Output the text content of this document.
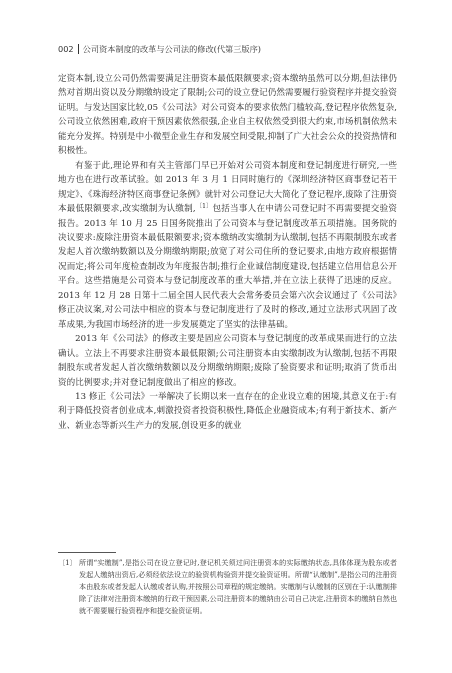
002 公司资本制度的改革与公司法的修改(代第三版序)

定资本制,设立公司仍然需要满足注册资本最低限额要求;资本缴纳虽然可以分期,但法律仍然对首期出资以及分期缴纳设定了限制;公司的设立登记仍然需要履行验资程序并提交验资证明。与发达国家比较,05《公司法》对公司资本的要求依然门槛较高,登记程序依然复杂,公司设立依然困难,政府干预因素依然很强,企业自主权依然受到很大约束,市场机制依然未能充分发挥。特别是中小微型企业生存和发展空间受限,抑制了广大社会公众的投资热情和积极性。

有鉴于此,理论界和有关主管部门早已开始对公司资本制度和登记制度进行研究,一些地方也在进行改革试验。如 2013 年 3 月 1 日同时施行的《深圳经济特区商事登记若干规定》、《珠海经济特区商事登记条例》就针对公司登记大大简化了登记程序,废除了注册资本最低限额要求,改实缴制为认缴制,$^{〔1〕}$包括当事人在申请公司登记时不再需要提交验资报告。2013 年 10 月 25 日国务院推出了公司资本与登记制度改革五项措施。国务院的决议要求:废除注册资本最低限额要求;资本缴纳改实缴制为认缴制,包括不再限制股东或者发起人首次缴纳数额以及分期缴纳期限;放宽了对公司住所的登记要求,由地方政府根据情况而定;将公司年度检查制改为年度报告制;推行企业诚信制度建设,包括建立信用信息公开平台。这些措施是公司资本与登记制度改革的重大举措,并在立法上获得了迅速的反应。2013 年 12 月 28 日第十二届全国人民代表大会常务委员会第六次会议通过了《公司法》修正决议案,对公司法中相应的资本与登记制度进行了及时的修改,通过立法形式巩固了改革成果,为我国市场经济的进一步发展奠定了坚实的法律基础。

2013 年《公司法》的修改主要是固应公司资本与登记制度的改革成果而进行的立法确认。立法上不再要求注册资本最低限额;公司注册资本由实缴制改为认缴制,包括不再限制股东或者发起人首次缴纳数额以及分期缴纳期限;废除了验资要求和证明;取消了货币出资的比例要求;并对登记制度做出了相应的修改。

13 修正《公司法》一举解决了长期以来一直存在的企业设立难的困境,其意义在于:有利于降低投资者创业成本,刺激投资者投资积极性,降低企业融资成本;有利于新技术、新产业、新业态等新兴生产力的发展,创设更多的就业

〔1〕 所谓“实缴制”,是指公司在设立登记时,登记机关须过问注册资本的实际缴纳状态,具体体现为股东或者发起人缴纳出资后,必须经依法设立的验资机构验资并提交验资证明。所谓“认缴制”,是指公司的注册资本由股东或者发起人认缴或者认购,并按照公司章程的规定缴纳。实缴制与认缴制的区别在于:认缴制排除了法律对注册资本缴纳的行政干预因素,公司注册资本的缴纳由公司自己决定,注册资本的缴纳自然也就不需要履行验资程序和提交验资证明。
